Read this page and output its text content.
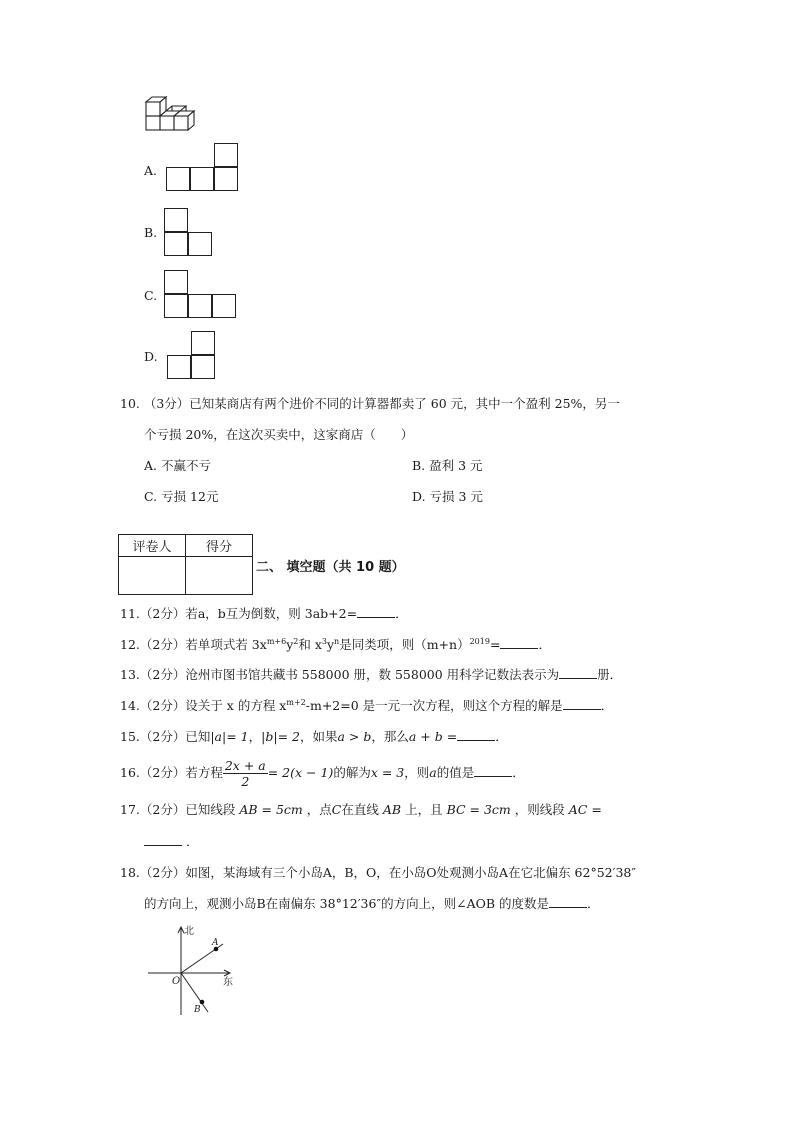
A.
B.
C.
D.
10. （3分）已知某商店有两个进价不同的计算器都卖了 60 元，其中一个盈利 25%，另一
个亏损 20%，在这次买卖中，这家商店（　　）
A. 不赢不亏	B. 盈利 3 元
C. 亏损 12元	D. 亏损 3 元
评卷人	得分

二、 填空题（共 10 题）
11.（2分）若a，b互为倒数，则 3ab+2=	．
12.（2分）若单项式若 $3x^{m+6}y^2$和 $x^3y^n$是同类项，则$(m+n)^{2019}=$	．
13.（2分）沧州市图书馆共藏书 558000 册，数 558000 用科学记数法表示为	册．
14.（2分）设关于 x 的方程 $x^{m+2}-m+2=0$ 是一元一次方程，则这个方程的解是	．
15.（2分）已知|a|= 1，|b|= 2，如果a > b，那么a + b =	．
16.（2分）若方程 $\frac{2x + a}{2} = 2(x - 1)$的解为x = 3，则a的值是	．
17.（2分）已知线段 AB = 5cm ，点C在直线 AB 上，且 BC = 3cm ，则线段 AC =
．
18.（2分）如图，某海域有三个小岛A，B，O，在小岛O处观测小岛A在它北偏东 62°52′38″
的方向上，观测小岛B在南偏东 38°12′36″的方向上，则∠AOB 的度数是	．
北
东
O
A
B
